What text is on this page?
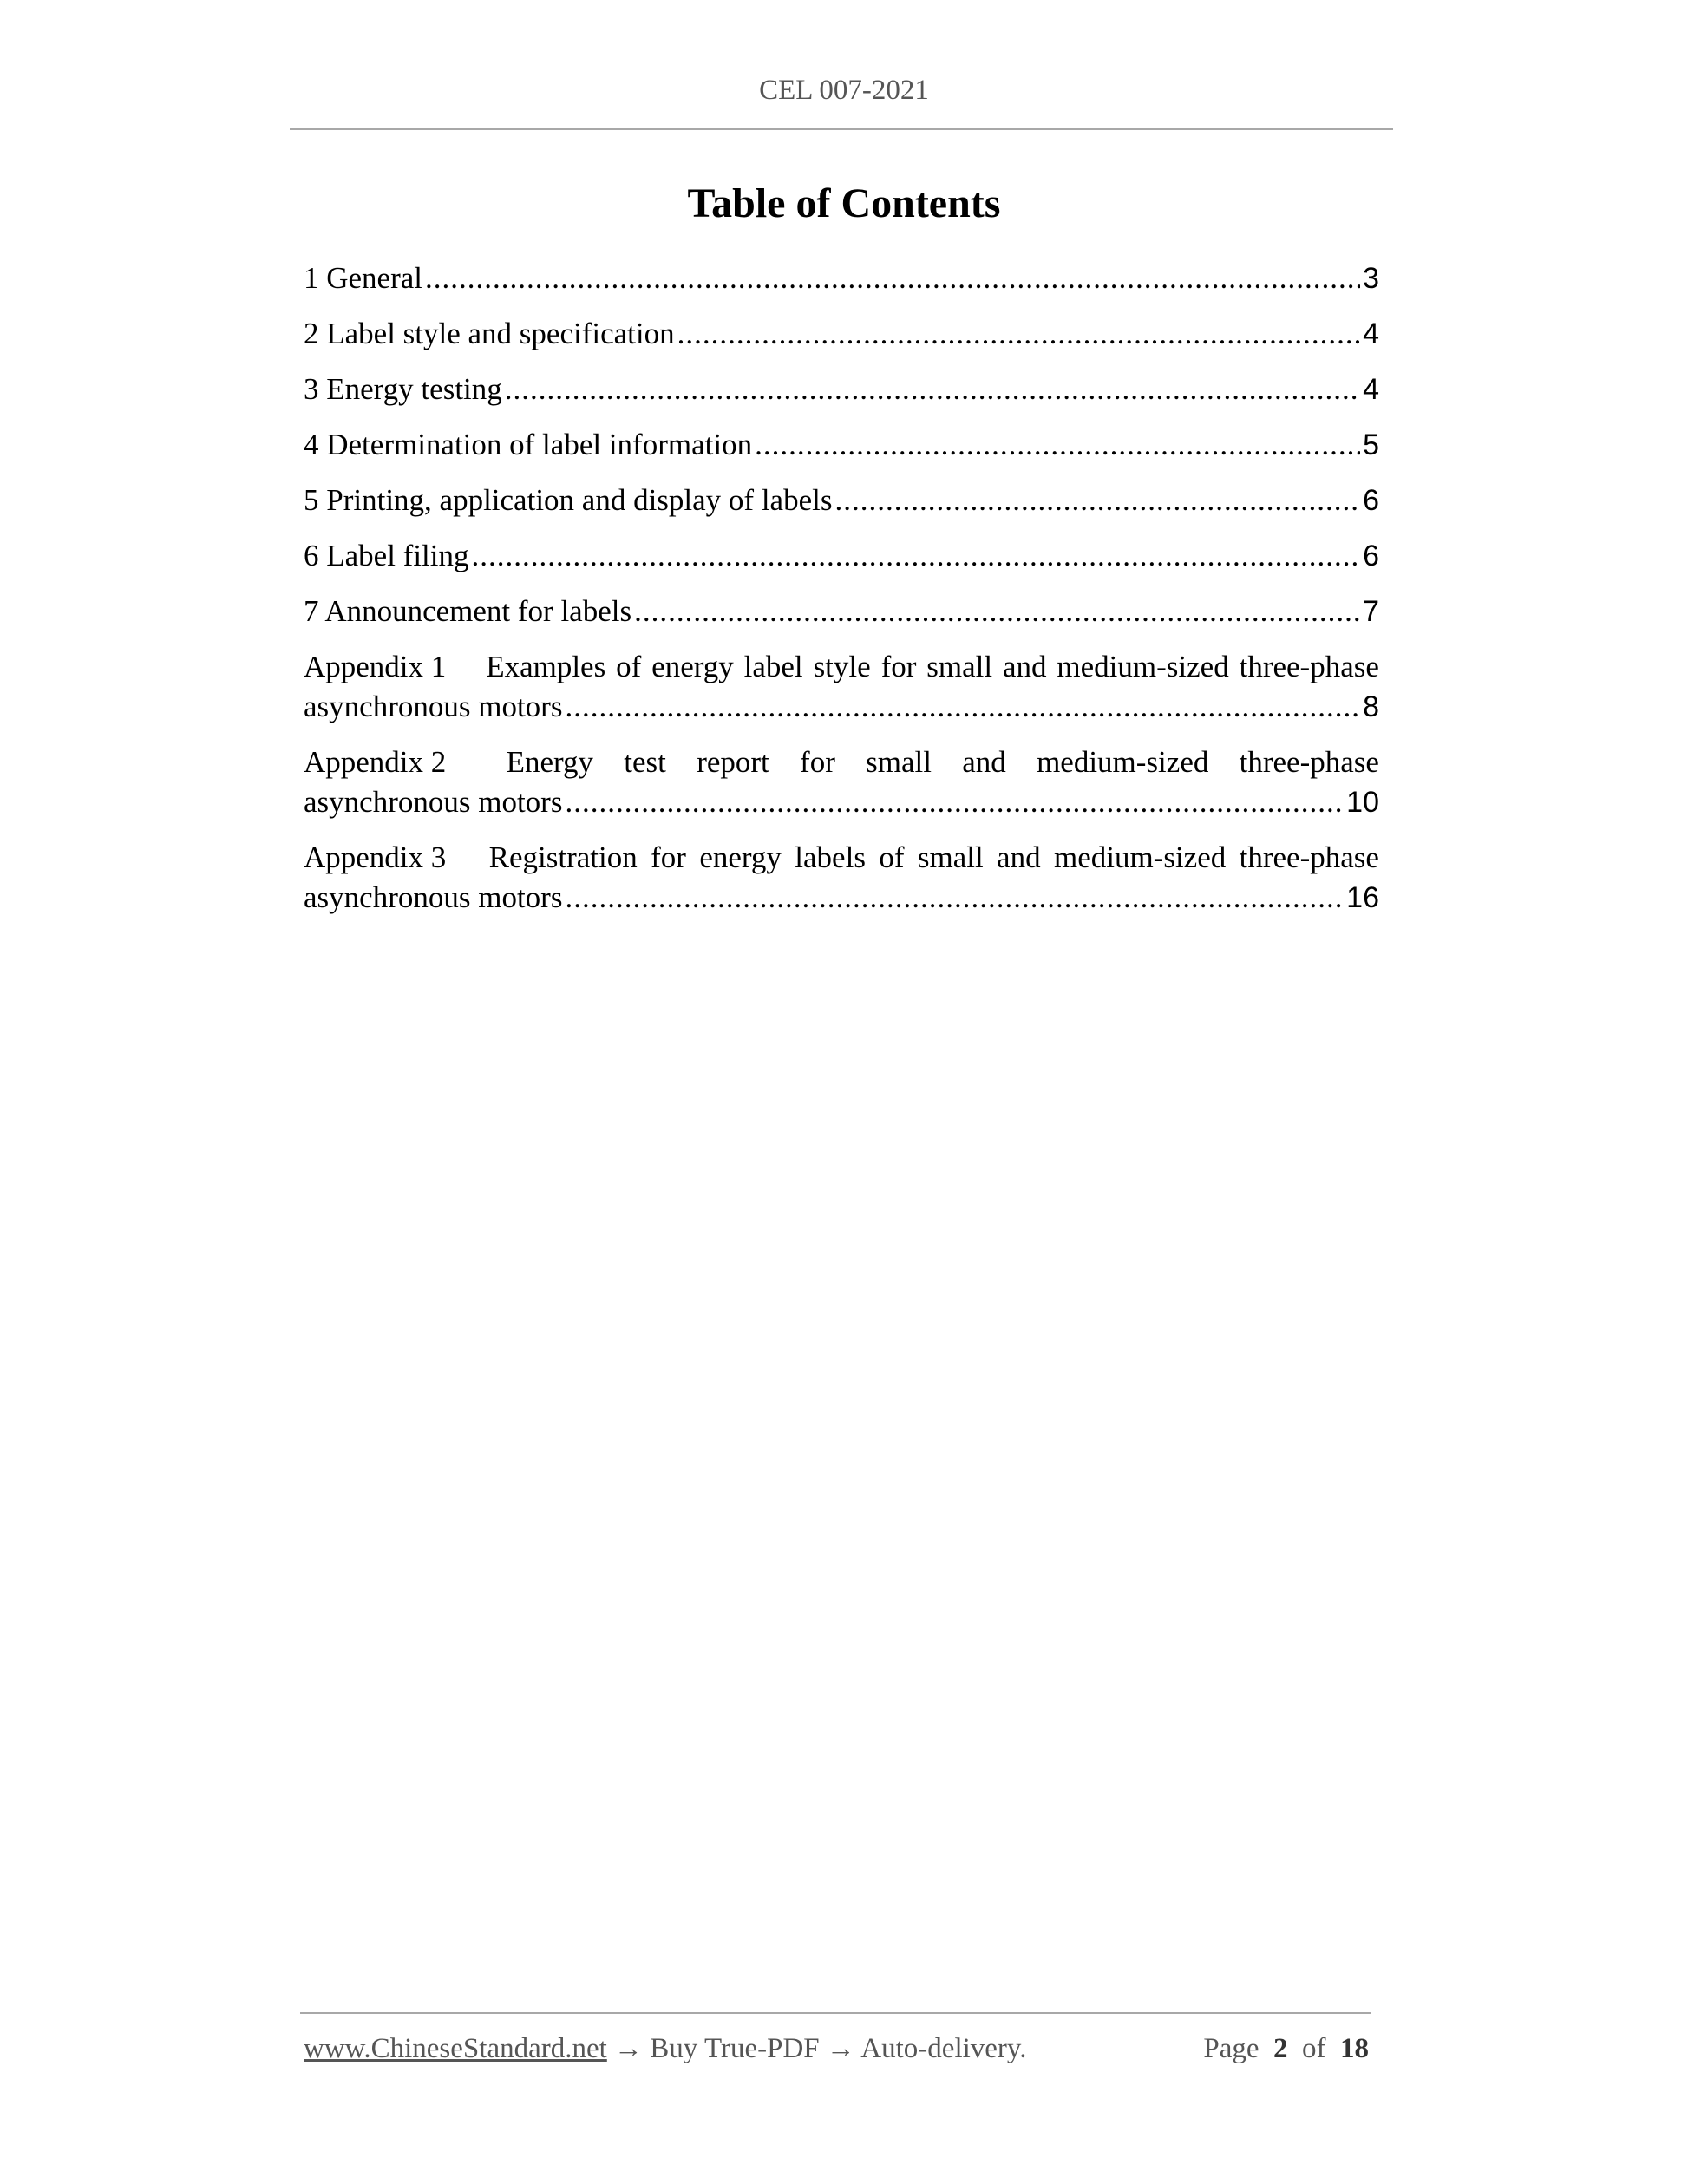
CEL 007-2021
Table of Contents
1 General .....	3
2 Label style and specification .....	4
3 Energy testing .....	4
4 Determination of label information .....	5
5 Printing, application and display of labels .....	6
6 Label filing .....	6
7 Announcement for labels .....	7
Appendix 1 Examples of energy label style for small and medium-sized three-phase
asynchronous motors .....	8
Appendix 2 Energy test report for small and medium-sized three-phase
asynchronous motors .....	10
Appendix 3 Registration for energy labels of small and medium-sized three-phase
asynchronous motors .....	16
www.ChineseStandard.net → Buy True-PDF → Auto-delivery.	Page 2 of 18
